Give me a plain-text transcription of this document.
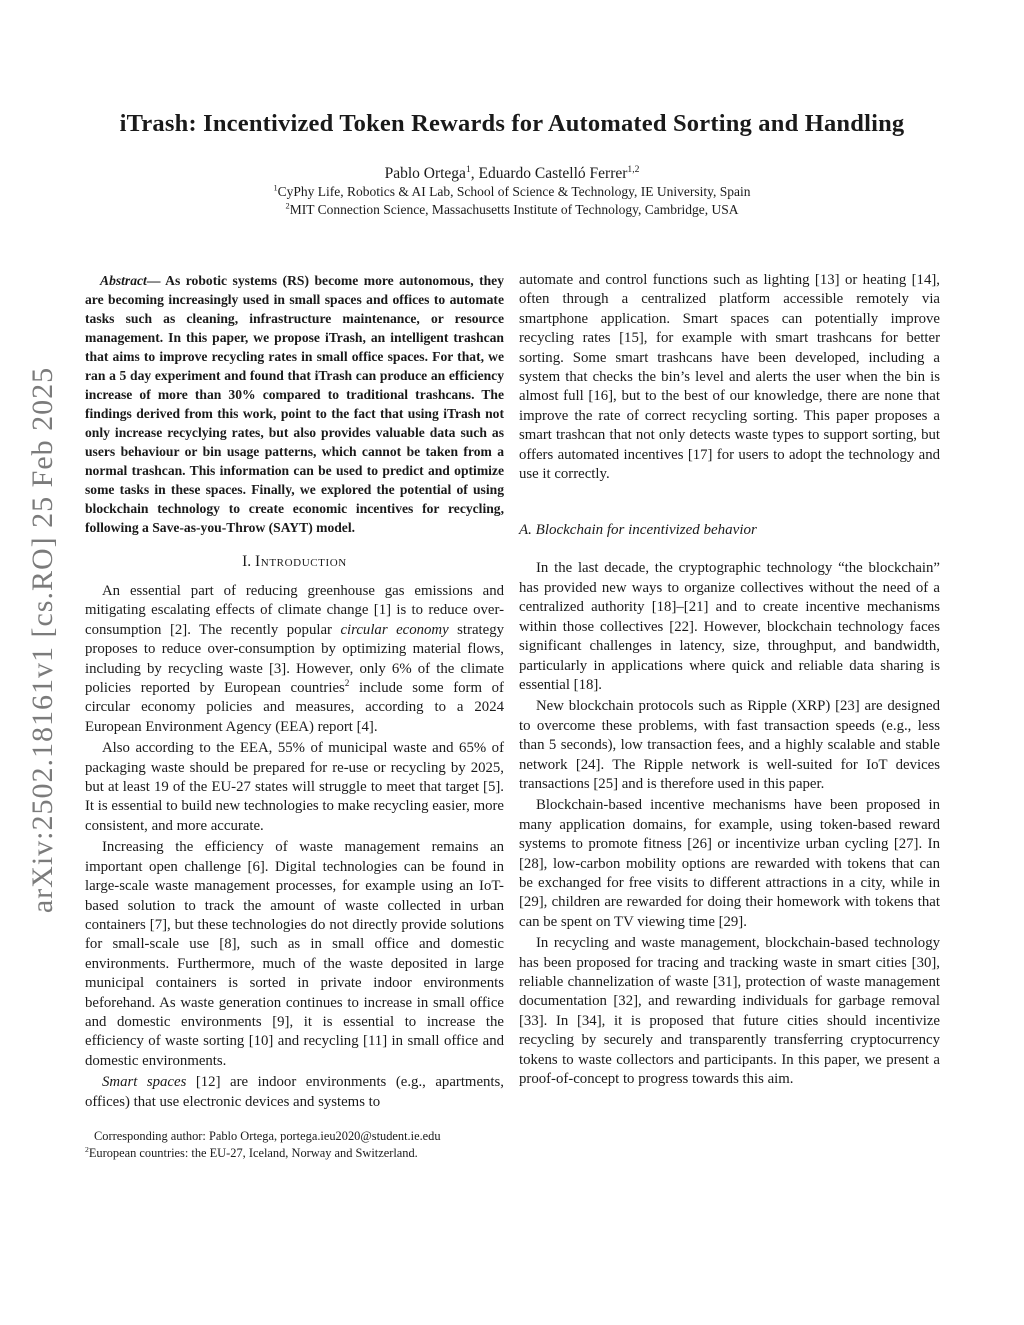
arXiv:2502.18161v1 [cs.RO] 25 Feb 2025
iTrash: Incentivized Token Rewards for Automated Sorting and Handling
Pablo Ortega$^1$, Eduardo Castelló Ferrer$^{1,2}$
$^1$CyPhy Life, Robotics & AI Lab, School of Science & Technology, IE University, Spain
$^2$MIT Connection Science, Massachusetts Institute of Technology, Cambridge, USA

Abstract— As robotic systems (RS) become more autonomous, they are becoming increasingly used in small spaces and offices to automate tasks such as cleaning, infrastructure maintenance, or resource management. In this paper, we propose iTrash, an intelligent trashcan that aims to improve recycling rates in small office spaces. For that, we ran a 5 day experiment and found that iTrash can produce an efficiency increase of more than 30% compared to traditional trashcans. The findings derived from this work, point to the fact that using iTrash not only increase recyclying rates, but also provides valuable data such as users behaviour or bin usage patterns, which cannot be taken from a normal trashcan. This information can be used to predict and optimize some tasks in these spaces. Finally, we explored the potential of using blockchain technology to create economic incentives for recycling, following a Save-as-you-Throw (SAYT) model.

I. Introduction

An essential part of reducing greenhouse gas emissions and mitigating escalating effects of climate change [1] is to reduce over-consumption [2]. The recently popular circular economy strategy proposes to reduce over-consumption by optimizing material flows, including by recycling waste [3]. However, only 6% of the climate policies reported by European countries$^2$ include some form of circular economy policies and measures, according to a 2024 European Environment Agency (EEA) report [4].

Also according to the EEA, 55% of municipal waste and 65% of packaging waste should be prepared for re-use or recycling by 2025, but at least 19 of the EU-27 states will struggle to meet that target [5]. It is essential to build new technologies to make recycling easier, more consistent, and more accurate.

Increasing the efficiency of waste management remains an important open challenge [6]. Digital technologies can be found in large-scale waste management processes, for example using an IoT-based solution to track the amount of waste collected in urban containers [7], but these technologies do not directly provide solutions for small-scale use [8], such as in small office and domestic environments. Furthermore, much of the waste deposited in large municipal containers is sorted in private indoor environments beforehand. As waste generation continues to increase in small office and domestic environments [9], it is essential to increase the efficiency of waste sorting [10] and recycling [11] in small office and domestic environments.

Smart spaces [12] are indoor environments (e.g., apartments, offices) that use electronic devices and systems to

Corresponding author: Pablo Ortega, portega.ieu2020@student.ie.edu

$^2$European countries: the EU-27, Iceland, Norway and Switzerland.

automate and control functions such as lighting [13] or heating [14], often through a centralized platform accessible remotely via smartphone application. Smart spaces can potentially improve recycling rates [15], for example with smart trashcans for better sorting. Some smart trashcans have been developed, including a system that checks the bin’s level and alerts the user when the bin is almost full [16], but to the best of our knowledge, there are none that improve the rate of correct recycling sorting. This paper proposes a smart trashcan that not only detects waste types to support sorting, but offers automated incentives [17] for users to adopt the technology and use it correctly.

A. Blockchain for incentivized behavior

In the last decade, the cryptographic technology “the blockchain” has provided new ways to organize collectives without the need of a centralized authority [18]–[21] and to create incentive mechanisms within those collectives [22]. However, blockchain technology faces significant challenges in latency, size, throughput, and bandwidth, particularly in applications where quick and reliable data sharing is essential [18].

New blockchain protocols such as Ripple (XRP) [23] are designed to overcome these problems, with fast transaction speeds (e.g., less than 5 seconds), low transaction fees, and a highly scalable and stable network [24]. The Ripple network is well-suited for IoT devices transactions [25] and is therefore used in this paper.

Blockchain-based incentive mechanisms have been proposed in many application domains, for example, using token-based reward systems to promote fitness [26] or incentivize urban cycling [27]. In [28], low-carbon mobility options are rewarded with tokens that can be exchanged for free visits to different attractions in a city, while in [29], children are rewarded for doing their homework with tokens that can be spent on TV viewing time [29].

In recycling and waste management, blockchain-based technology has been proposed for tracing and tracking waste in smart cities [30], reliable channelization of waste [31], protection of waste management documentation [32], and rewarding individuals for garbage removal [33]. In [34], it is proposed that future cities should incentivize recycling by securely and transparently transferring cryptocurrency tokens to waste collectors and participants. In this paper, we present a proof-of-concept to progress towards this aim.
